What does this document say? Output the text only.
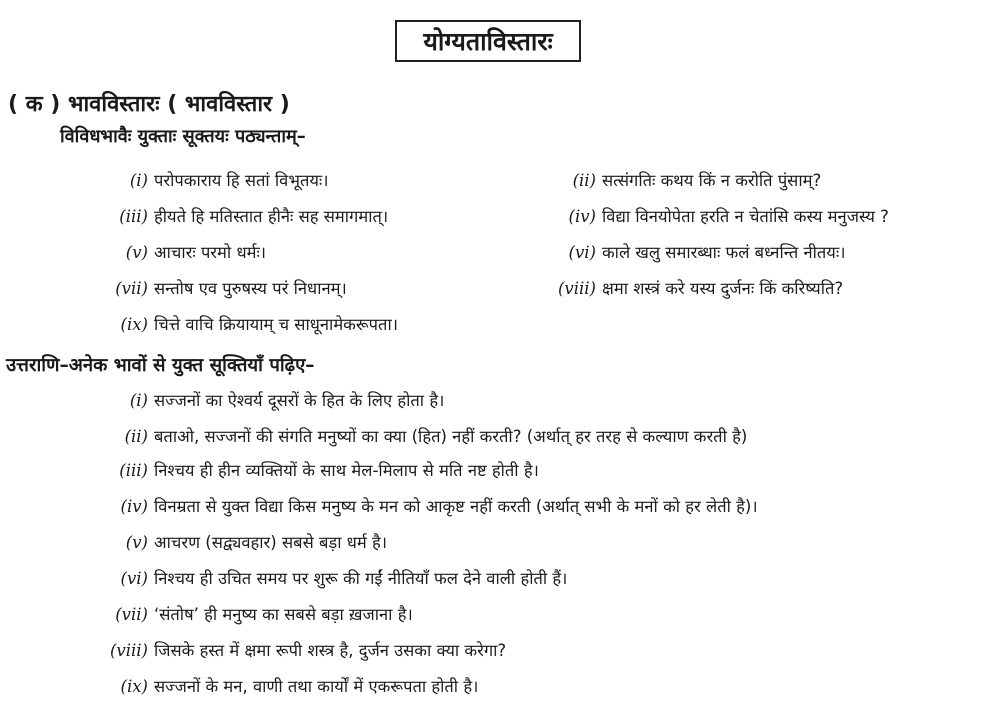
योग्यताविस्तारः
( क ) भावविस्तारः ( भावविस्तार )
विविधभावैः युक्ताः सूक्तयः पठ्यन्ताम्–
(i) परोपकाराय हि सतां विभूतयः।
(iii) हीयते हि मतिस्तात हीनैः सह समागमात्।
(v) आचारः परमो धर्मः।
(vii) सन्तोष एव पुरुषस्य परं निधानम्।
(ix) चित्ते वाचि क्रियायाम् च साधूनामेकरूपता।
(ii) सत्संगतिः कथय किं न करोति पुंसाम्?
(iv) विद्या विनयोपेता हरति न चेतांसि कस्य मनुजस्य ?
(vi) काले खलु समारब्धाः फलं बध्नन्ति नीतयः।
(viii) क्षमा शस्त्रं करे यस्य दुर्जनः किं करिष्यति?
उत्तराणि–अनेक भावों से युक्त सूक्तियाँ पढ़िए–
(i) सज्जनों का ऐश्वर्य दूसरों के हित के लिए होता है।
(ii) बताओ, सज्जनों की संगति मनुष्यों का क्या (हित) नहीं करती? (अर्थात् हर तरह से कल्याण करती है)
(iii) निश्चय ही हीन व्यक्तियों के साथ मेल-मिलाप से मति नष्ट होती है।
(iv) विनम्रता से युक्त विद्या किस मनुष्य के मन को आकृष्ट नहीं करती (अर्थात् सभी के मनों को हर लेती है)।
(v) आचरण (सद्व्यवहार) सबसे बड़ा धर्म है।
(vi) निश्चय ही उचित समय पर शुरू की गईं नीतियाँ फल देने वाली होती हैं।
(vii) ‘संतोष’ ही मनुष्य का सबसे बड़ा ख़जाना है।
(viii) जिसके हस्त में क्षमा रूपी शस्त्र है, दुर्जन उसका क्या करेगा?
(ix) सज्जनों के मन, वाणी तथा कार्यों में एकरूपता होती है।
